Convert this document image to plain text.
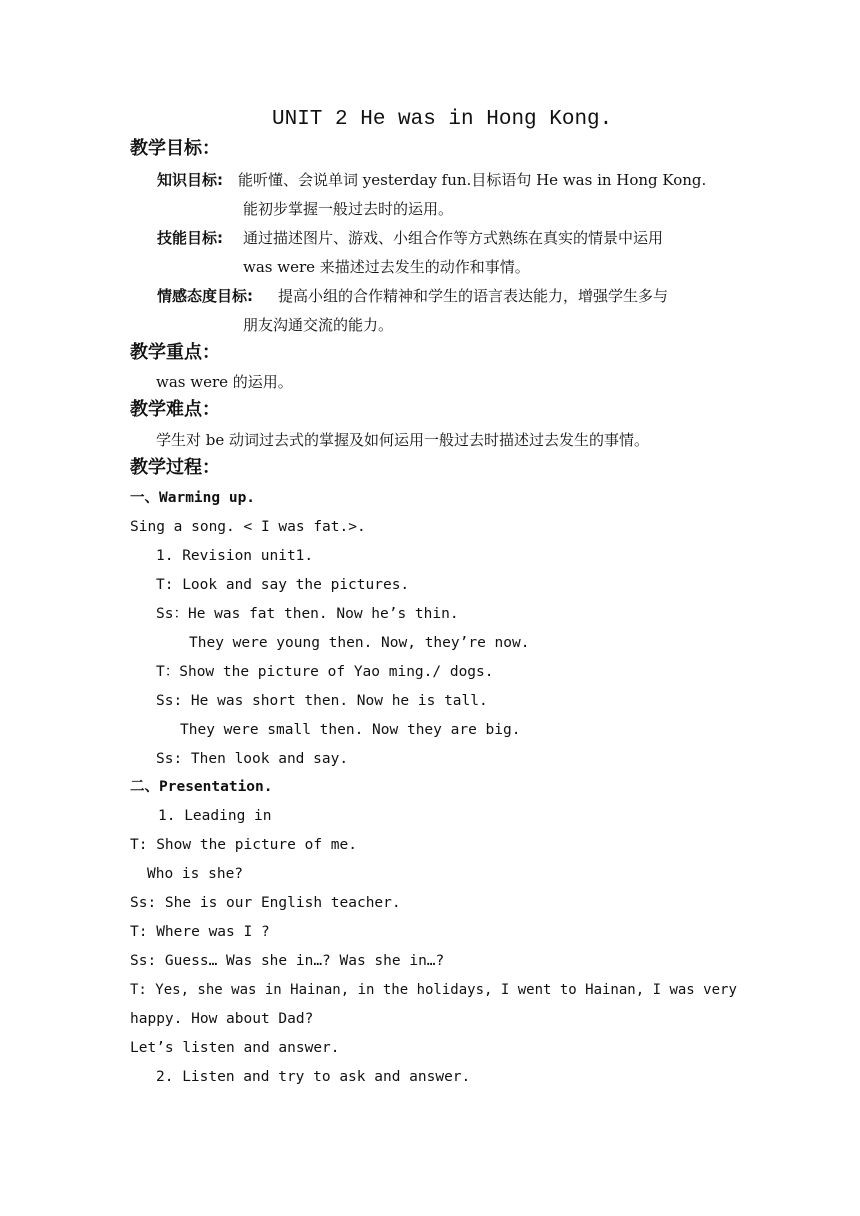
UNIT 2 He was in Hong Kong.
教学目标：
知识目标: 能听懂、会说单词 yesterday fun.目标语句 He was in Hong Kong.
能初步掌握一般过去时的运用。
技能目标: 通过描述图片、游戏、小组合作等方式熟练在真实的情景中运用
was were 来描述过去发生的动作和事情。
情感态度目标: 提高小组的合作精神和学生的语言表达能力，增强学生多与
朋友沟通交流的能力。
教学重点：
was were 的运用。
教学难点：
学生对 be 动词过去式的掌握及如何运用一般过去时描述过去发生的事情。
教学过程：
一、Warming up.
Sing a song. < I was fat.>.
1. Revision unit1.
T: Look and say the pictures.
Ss：He was fat then. Now he’s thin.
They were young then. Now, they’re now.
T：Show the picture of Yao ming./ dogs.
Ss: He was short then. Now he is tall.
They were small then. Now they are big.
Ss: Then look and say.
二、Presentation.
1. Leading in
T: Show the picture of me.
Who is she?
Ss: She is our English teacher.
T: Where was I ?
Ss: Guess… Was she in…? Was she in…?
T: Yes, she was in Hainan, in the holidays, I went to Hainan, I was very
happy. How about Dad?
Let’s listen and answer.
2. Listen and try to ask and answer.
